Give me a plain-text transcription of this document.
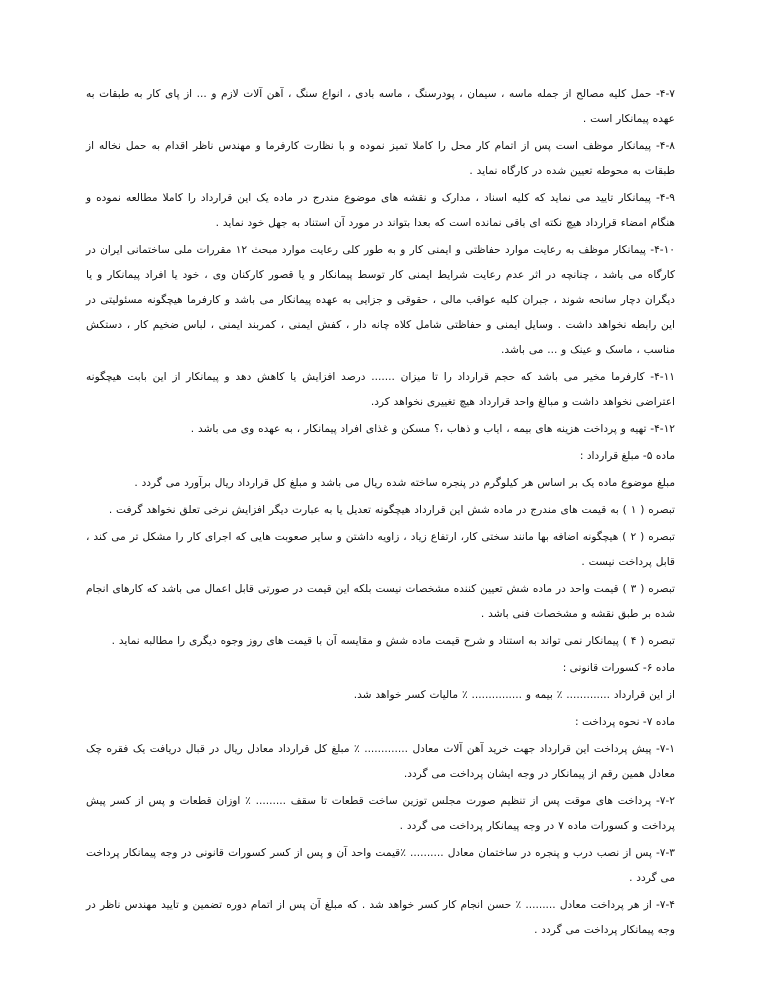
۴-۷- حمل کلیه مصالح از جمله ماسه ، سیمان ، پودرسنگ ، ماسه بادی ، انواع سنگ ، آهن آلات لازم و ... از پای کار به طبقات به عهده پیمانکار است .

۴-۸- پیمانکار موظف است پس از اتمام کار محل را کاملا تمیز نموده و با نظارت کارفرما و مهندس ناظر اقدام به حمل نخاله از طبقات به محوطه تعیین شده در کارگاه نماید .

۴-۹- پیمانکار تایید می نماید که کلیه اسناد ، مدارک و نقشه های موضوع مندرج در ماده یک این قرارداد را کاملا مطالعه نموده و هنگام امضاء قرارداد هیچ نکته ای باقی نمانده است که بعدا بتواند در مورد آن استناد به جهل خود نماید .

۴-۱۰- پیمانکار موظف به رعایت موارد حفاظتی و ایمنی کار و به طور کلی رعایت موارد مبحث ۱۲ مقررات ملی ساختمانی ایران در کارگاه می باشد ، چنانچه در اثر عدم رعایت شرایط ایمنی کار توسط پیمانکار و یا قصور کارکنان وی ، خود یا افراد پیمانکار و یا دیگران دچار سانحه شوند ، جبران کلیه عواقب مالی ، حقوقی و جزایی به عهده پیمانکار می باشد و کارفرما هیچگونه مسئولیتی در این رابطه نخواهد داشت . وسایل ایمنی و حفاظتی شامل کلاه چانه دار ، کفش ایمنی ، کمربند ایمنی ، لباس ضخیم کار ، دستکش مناسب ، ماسک و عینک و ... می باشد.

۴-۱۱- کارفرما مخیر می باشد که حجم قرارداد را تا میزان ....... درصد افزایش یا کاهش دهد و پیمانکار از این بابت هیچگونه اعتراضی نخواهد داشت و مبالغ واحد قرارداد هیچ تغییری نخواهد کرد.

۴-۱۲- تهیه و پرداخت هزینه های بیمه ، ایاب و ذهاب ،؟ مسکن و غذای افراد پیمانکار ، به عهده وی می باشد .

ماده ۵- مبلغ قرارداد :

مبلغ موضوع ماده یک بر اساس هر کیلوگرم در پنجره ساخته شده ریال می باشد و مبلغ کل قرارداد ریال برآورد می گردد .

تبصره ( ۱ ) به قیمت های مندرج در ماده شش این قرارداد هیچگونه تعدیل یا به عبارت دیگر افزایش نرخی تعلق نخواهد گرفت .

تبصره ( ۲ ) هیچگونه اضافه بها مانند سختی کار، ارتفاع زیاد ، زاویه داشتن و سایر صعوبت هایی که اجرای کار را مشکل تر می کند ، قابل پرداخت نیست .

تبصره ( ۳ ) قیمت واحد در ماده شش تعیین کننده مشخصات نیست بلکه این قیمت در صورتی قابل اعمال می باشد که کارهای انجام شده بر طبق نقشه و مشخصات فنی باشد .

تبصره ( ۴ ) پیمانکار نمی تواند به استناد و شرح قیمت ماده شش و مقایسه آن با قیمت های روز وجوه دیگری را مطالبه نماید .

ماده ۶- کسورات قانونی :

از این قرارداد ............. ٪ بیمه و ............... ٪ مالیات کسر خواهد شد.

ماده ۷- نحوه پرداخت :

۷-۱- پیش پرداخت این قرارداد جهت خرید آهن آلات معادل ............. ٪ مبلغ کل قرارداد معادل ریال در قبال دریافت یک فقره چک معادل همین رقم از پیمانکار در وجه ایشان پرداخت می گردد.

۷-۲- پرداخت های موقت پس از تنظیم صورت مجلس توزین ساخت قطعات تا سقف ......... ٪ اوزان قطعات و پس از کسر پیش پرداخت و کسورات ماده ۷ در وجه پیمانکار پرداخت می گردد .

۷-۳- پس از نصب درب و پنجره در ساختمان معادل .......... ٪قیمت واحد آن و پس از کسر کسورات قانونی در وجه پیمانکار پرداخت می گردد .

۷-۴- از هر پرداخت معادل ......... ٪ حسن انجام کار کسر خواهد شد . که مبلغ آن پس از اتمام دوره تضمین و تایید مهندس ناظر در وجه پیمانکار پرداخت می گردد .
